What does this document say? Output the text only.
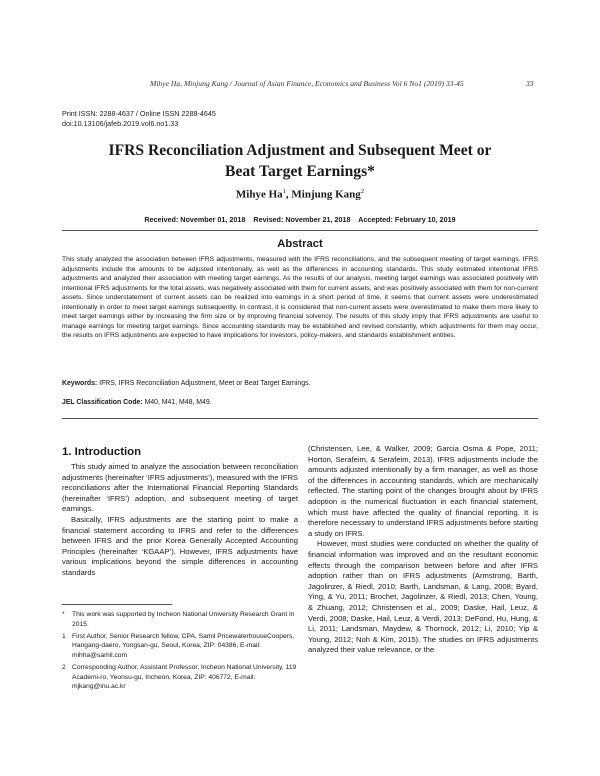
Mihye Ha, Minjung Kang / Journal of Asian Finance, Economics and Business Vol 6 No1 (2019) 33-45	33
Print ISSN: 2288-4637 / Online ISSN 2288-4645
doi:10.13106/jafeb.2019.vol6.no1.33
IFRS Reconciliation Adjustment and Subsequent Meet or
Beat Target Earnings*
Mihye Ha$^1$, Minjung Kang$^2$
Received: November 01, 2018    Revised: November 21, 2018    Accepted: February 10, 2019
Abstract
This study analyzed the association between IFRS adjustments, measured with the IFRS reconciliations, and the subsequent meeting of target earnings. IFRS adjustments include the amounts to be adjusted intentionally, as well as the differences in accounting standards. This study estimated intentional IFRS adjustments and analyzed their association with meeting target earnings. As the results of our analysis, meeting target earnings was associated positively with intentional IFRS adjustments for the total assets, was negatively associated with them for current assets, and was positively associated with them for non-current assets. Since understatement of current assets can be realized into earnings in a short period of time, it seems that current assets were underestimated intentionally in order to meet target earnings subsequently. In contrast, it is considered that non-current assets were overestimated to make them more likely to meet target earnings either by increasing the firm size or by improving financial solvency. The results of this study imply that IFRS adjustments are useful to manage earnings for meeting target earnings. Since accounting standards may be established and revised constantly, which adjustments for them may occur, the results on IFRS adjustments are expected to have implications for investors, policy-makers, and standards establishment entities.
Keywords: IFRS, IFRS Reconciliation Adjustment, Meet or Beat Target Earnings.
JEL Classification Code: M40, M41, M48, M49.
1. Introduction

This study aimed to analyze the association between reconciliation adjustments (hereinafter ‘IFRS adjustments’), measured with the IFRS reconciliations after the International Financial Reporting Standards (hereinafter ‘IFRS’) adoption, and subsequent meeting of target earnings.

Basically, IFRS adjustments are the starting point to make a financial statement according to IFRS and refer to the differences between IFRS and the prior Korea Generally Accepted Accounting Principles (hereinafter ‘KGAAP’). However, IFRS adjustments have various implications beyond the simple differences in accounting standards

(Christensen, Lee, & Walker, 2009; Garcia Osma & Pope, 2011; Horton, Serafeim, & Serafeim, 2013). IFRS adjustments include the amounts adjusted intentionally by a firm manager, as well as those of the differences in accounting standards, which are mechanically reflected. The starting point of the changes brought about by IFRS adoption is the numerical fluctuation in each financial statement, which must have affected the quality of financial reporting. It is therefore necessary to understand IFRS adjustments before starting a study on IFRS.

However, most studies were conducted on whether the quality of financial information was improved and on the resultant economic effects through the comparison between before and after IFRS adoption rather than on IFRS adjustments (Armstrong, Barth, Jagolinzer, & Riedl, 2010; Barth, Landsman, & Lang, 2008; Byard, Ying, & Yu, 2011; Brochet, Jagolinzer, & Riedl, 2013; Chen, Young, & Zhuang, 2012; Christensen et al., 2009; Daske, Hail, Leuz, & Verdi, 2008; Daske, Hail, Leuz, & Verdi, 2013; DeFond, Hu, Hung, & Li, 2011; Landsman, Maydew, & Thornock, 2012; Li, 2010; Yip & Young, 2012; Noh & Kim, 2015). The studies on IFRS adjustments analyzed their value relevance, or the

* This work was supported by Incheon National University Research Grant in 2015.
1 First Author, Senior Research fellow, CPA, Samil PricewaterhouseCoopers, Hangang-daero, Yongsan-gu, Seoul, Korea, ZIP: 04386, E-mail: mihha@samil.com
2 Corresponding Author, Assistant Professor, Incheon National University, 119 Academi-ro, Yeonsu-gu, Incheon, Korea, ZIP: 406772, E-mail: mjkang@inu.ac.kr
